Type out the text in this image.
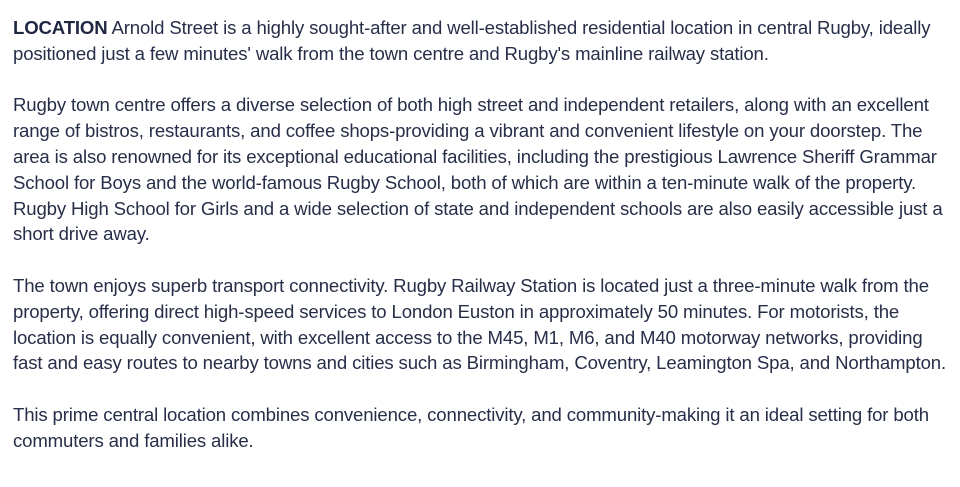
LOCATION Arnold Street is a highly sought-after and well-established residential location in central Rugby, ideally positioned just a few minutes' walk from the town centre and Rugby's mainline railway station.

Rugby town centre offers a diverse selection of both high street and independent retailers, along with an excellent range of bistros, restaurants, and coffee shops-providing a vibrant and convenient lifestyle on your doorstep. The area is also renowned for its exceptional educational facilities, including the prestigious Lawrence Sheriff Grammar School for Boys and the world-famous Rugby School, both of which are within a ten-minute walk of the property. Rugby High School for Girls and a wide selection of state and independent schools are also easily accessible just a short drive away.

The town enjoys superb transport connectivity. Rugby Railway Station is located just a three-minute walk from the property, offering direct high-speed services to London Euston in approximately 50 minutes. For motorists, the location is equally convenient, with excellent access to the M45, M1, M6, and M40 motorway networks, providing fast and easy routes to nearby towns and cities such as Birmingham, Coventry, Leamington Spa, and Northampton.

This prime central location combines convenience, connectivity, and community-making it an ideal setting for both commuters and families alike.
